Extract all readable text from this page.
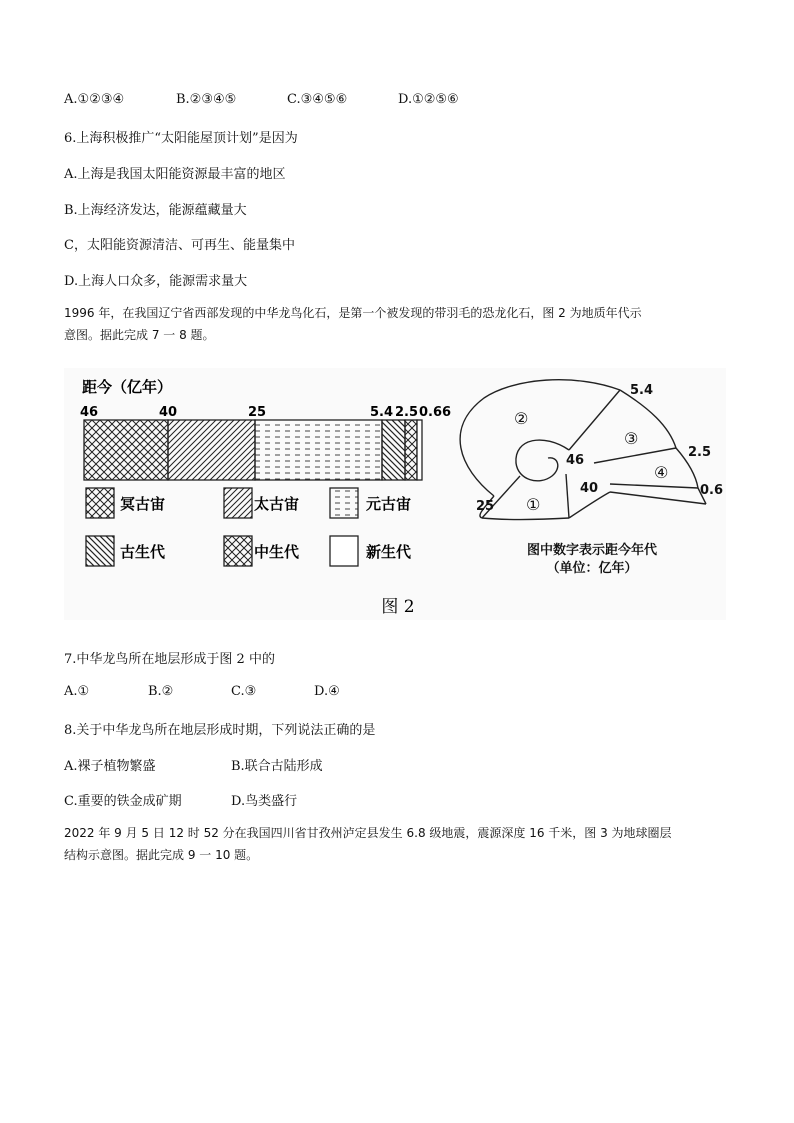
A.①②③④	B.②③④⑤	C.③④⑤⑥	D.①②⑤⑥
6.上海积极推广“太阳能屋顶计划”是因为
A.上海是我国太阳能资源最丰富的地区
B.上海经济发达，能源蕴藏量大
C，太阳能资源清洁、可再生、能量集中
D.上海人口众多，能源需求量大
1996 年，在我国辽宁省西部发现的中华龙鸟化石，是第一个被发现的带羽毛的恐龙化石，图 2 为地质年代示
意图。据此完成 7 一 8 题。
距今（亿年）
46	40	25	5.4 2.5 0.66
冥古宙	太古宙	元古宙
古生代	中生代	新生代
②
③
④
①
5.4
46
2.5
40	0.6
25
图中数字表示距今年代
（单位：亿年）
图 2
7.中华龙鸟所在地层形成于图 2 中的
A.①	B.②	C.③	D.④
8.关于中华龙鸟所在地层形成时期，下列说法正确的是
A.裸子植物繁盛	B.联合古陆形成
C.重要的铁金成矿期	D.鸟类盛行
2022 年 9 月 5 日 12 时 52 分在我国四川省甘孜州泸定县发生 6.8 级地震，震源深度 16 千米，图 3 为地球圈层
结构示意图。据此完成 9 一 10 题。
